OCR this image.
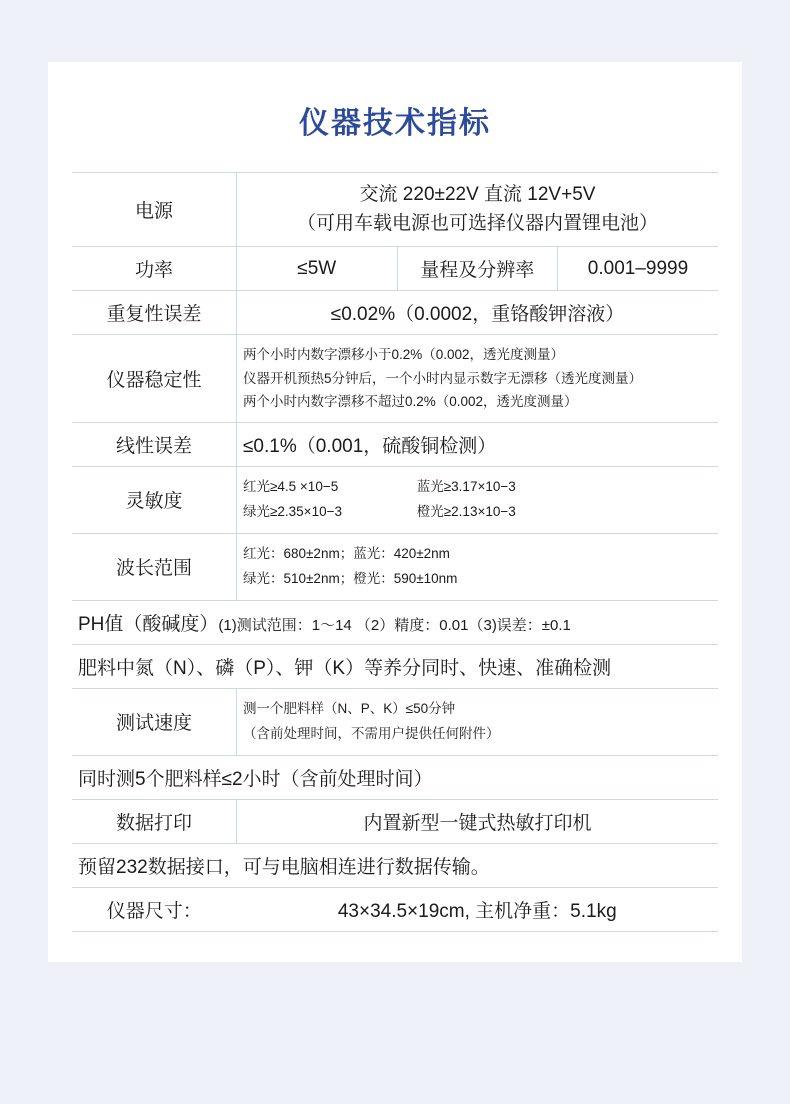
仪器技术指标
电源	交流 220±22V 直流 12V+5V
（可用车载电源也可选择仪器内置锂电池）		

功率	≤5W	量程及分辨率	0.001–9999
重复性误差	≤0.02%（0.0002，重铬酸钾溶液）		
仪器稳定性	两个小时内数字漂移小于0.2%（0.002，透光度测量）
仪器开机预热5分钟后，一个小时内显示数字无漂移（透光度测量）
两个小时内数字漂移不超过0.2%（0.002，透光度测量）		

线性误差	≤0.1%（0.001，硫酸铜检测）		
灵敏度	红光≥4.5 ×10−5 蓝光≥3.17×10−3
绿光≥2.35×10−3 橙光≥2.13×10−3		

波长范围	红光：680±2nm；蓝光：420±2nm
绿光：510±2nm；橙光：590±10nm		

PH值（酸碱度）(1)测试范围：1～14 （2）精度：0.01（3)误差：±0.1			
肥料中氮（N）、磷（P）、钾（K）等养分同时、快速、准确检测			
测试速度	测一个肥料样（N、P、K）≤50分钟
（含前处理时间，不需用户提供任何附件）		

同时测5个肥料样≤2小时（含前处理时间）			
数据打印	内置新型一键式热敏打印机		
预留232数据接口，可与电脑相连进行数据传输。			
仪器尺寸：	43×34.5×19cm, 主机净重：5.1kg		
